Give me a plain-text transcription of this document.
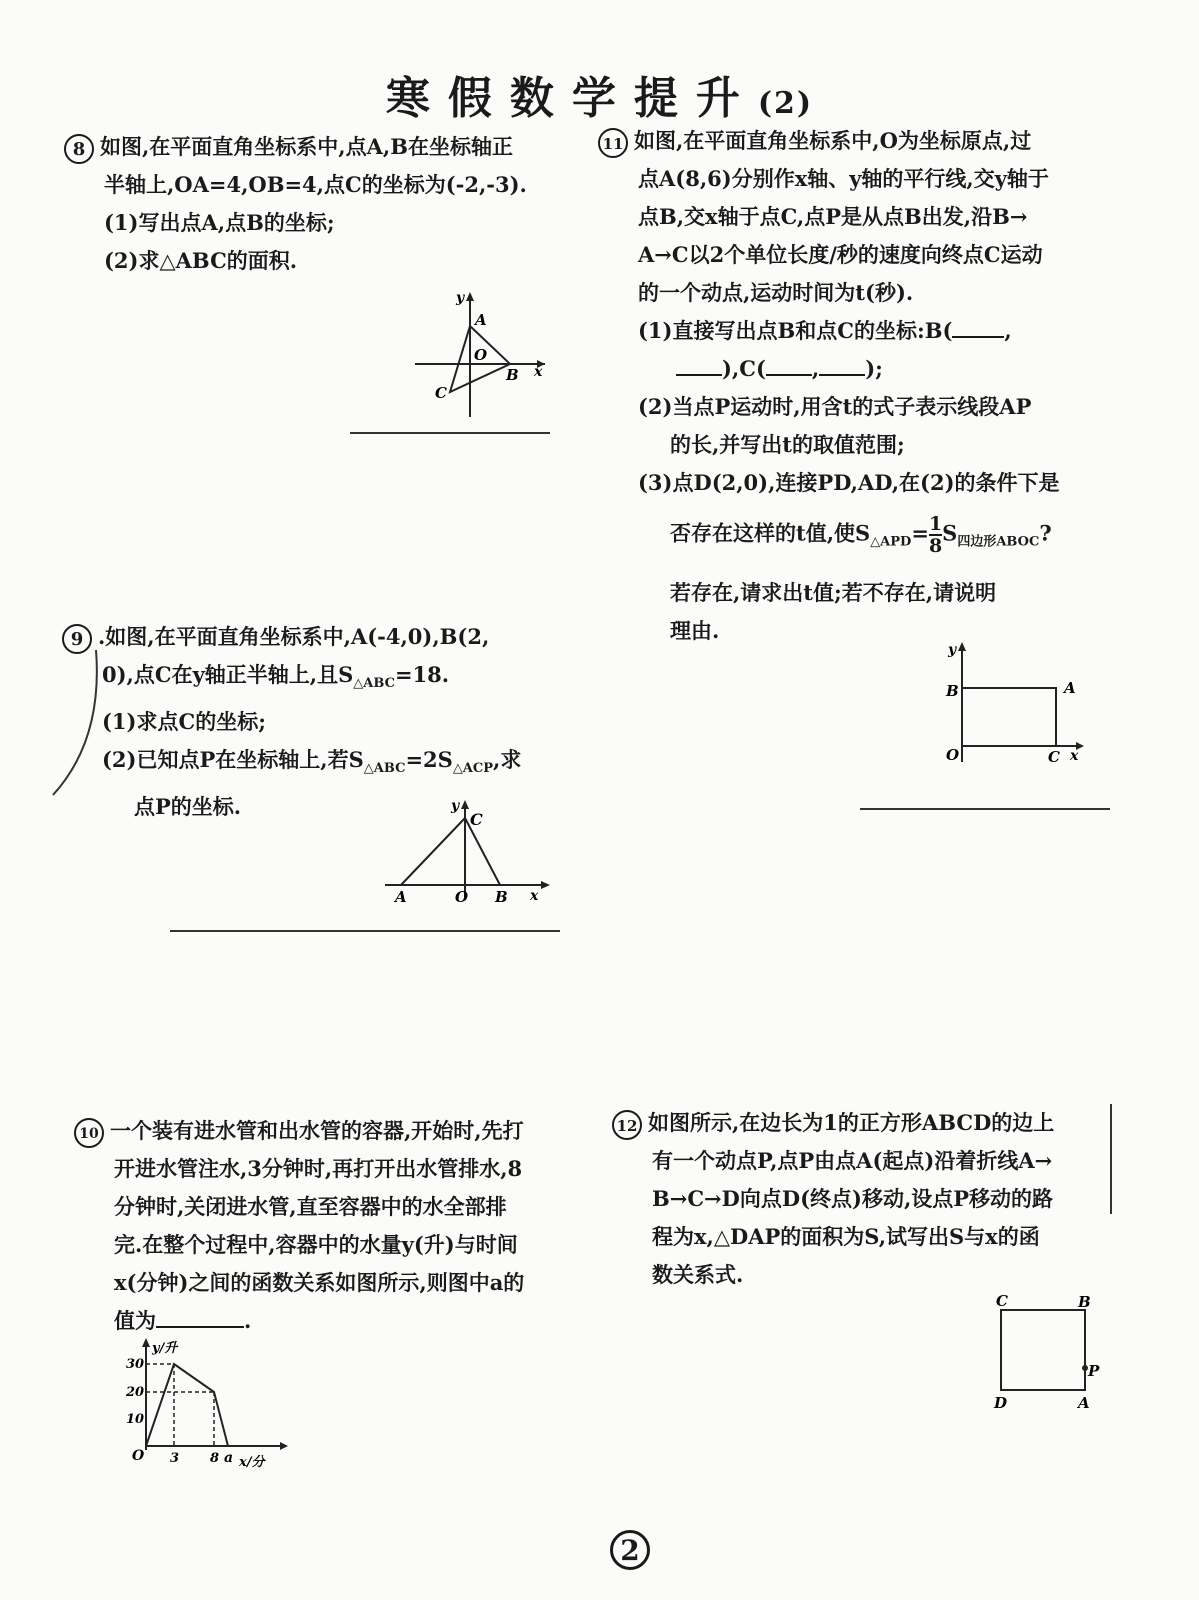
寒假数学提升(2)

8 如图,在平面直角坐标系中,点A,B在坐标轴正

半轴上,OA=4,OB=4,点C的坐标为(-2,-3).

(1)写出点A,点B的坐标;

(2)求△ABC的面积.

y
A
O
B x
C

9 .如图,在平面直角坐标系中,A(-4,0),B(2,

0),点C在y轴正半轴上,且$S_{\triangle ABC}=18$.

(1)求点C的坐标;

(2)已知点P在坐标轴上,若$S_{\triangle ABC}=2S_{\triangle ACP}$,求

点P的坐标.	y
C
A	O B x

10 一个装有进水管和出水管的容器,开始时,先打

开进水管注水,3分钟时,再打开出水管排水,8

分钟时,关闭进水管,直至容器中的水全部排

完.在整个过程中,容器中的水量y(升)与时间

x(分钟)之间的函数关系如图所示,则图中a的

值为	.

y/升
30
20
10
O 3 8 a x/分

11 如图,在平面直角坐标系中,O为坐标原点,过

点A(8,6)分别作x轴、y轴的平行线,交y轴于

点B,交x轴于点C,点P是从点B出发,沿B→

A→C以2个单位长度/秒的速度向终点C运动

的一个动点,运动时间为t(秒).

(1)直接写出点B和点C的坐标:B( ,

),C( , );

(2)当点P运动时,用含t的式子表示线段AP

的长,并写出t的取值范围;

(3)点D(2,0),连接PD,AD,在(2)的条件下是

否存在这样的t值,使$S_{\triangle APD}= \frac{1}{8} S_{四边形ABOC}$?

若存在,请求出t值;若不存在,请说明

理由.

y
B	A
O	C x

12 如图所示,在边长为1的正方形ABCD的边上

有一个动点P,点P由点A(起点)沿着折线A→

B→C→D向点D(终点)移动,设点P移动的路

程为x,△DAP的面积为S,试写出S与x的函

数关系式.

C	B
P
D	A
2
